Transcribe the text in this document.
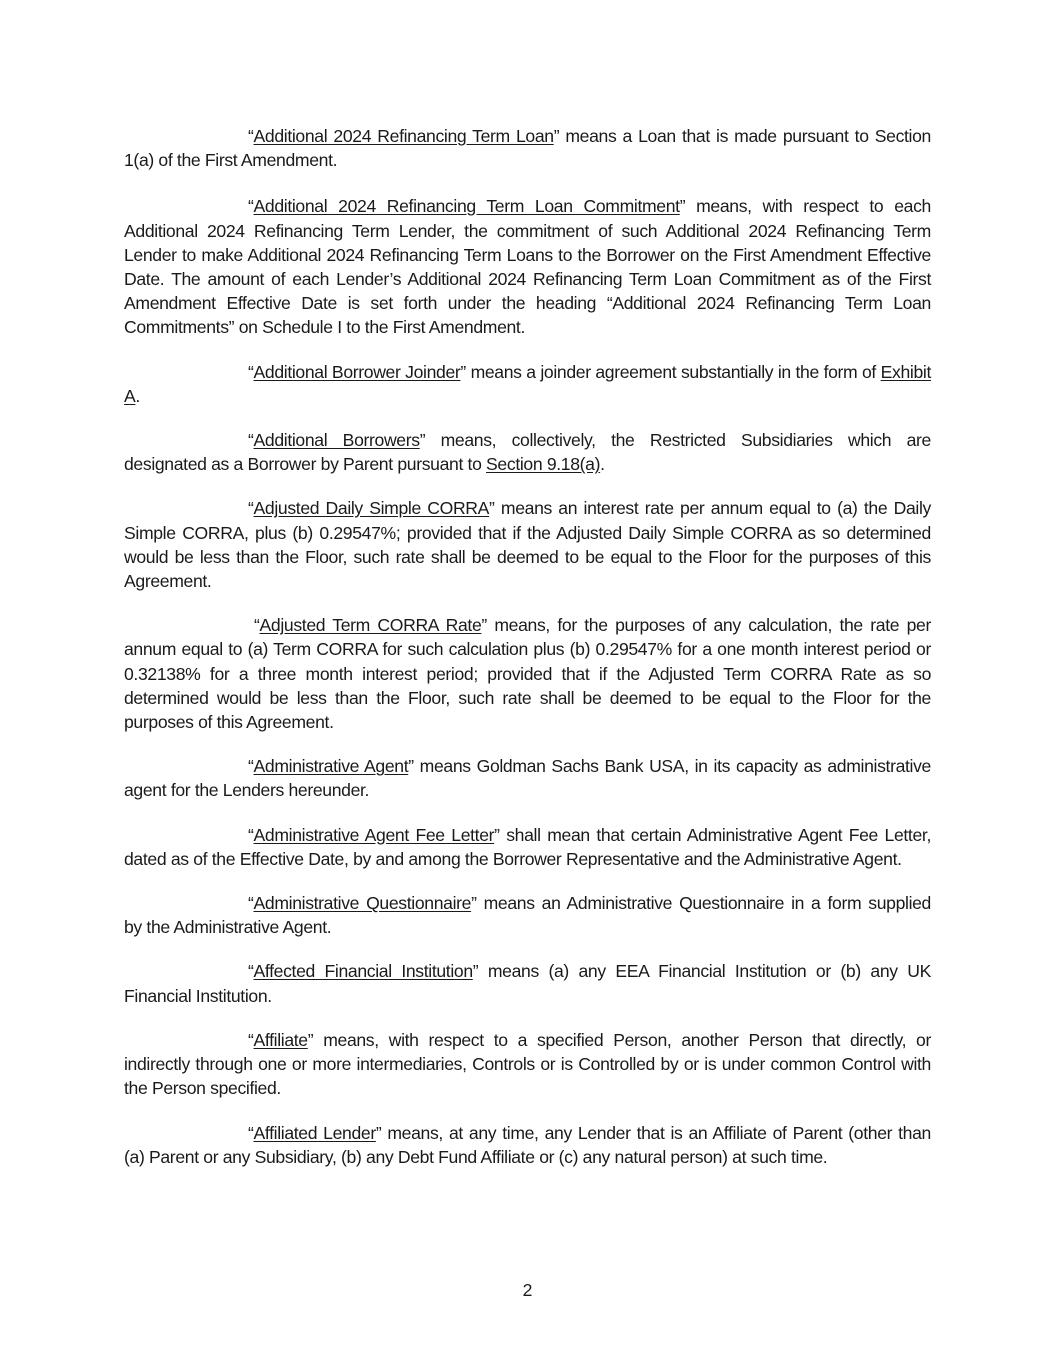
“Additional 2024 Refinancing Term Loan” means a Loan that is made pursuant to Section 1(a) of the First Amendment.

“Additional 2024 Refinancing Term Loan Commitment” means, with respect to each Additional 2024 Refinancing Term Lender, the commitment of such Additional 2024 Refinancing Term Lender to make Additional 2024 Refinancing Term Loans to the Borrower on the First Amendment Effective Date. The amount of each Lender’s Additional 2024 Refinancing Term Loan Commitment as of the First Amendment Effective Date is set forth under the heading “Additional 2024 Refinancing Term Loan Commitments” on Schedule I to the First Amendment.

“Additional Borrower Joinder” means a joinder agreement substantially in the form of Exhibit A.

“Additional Borrowers” means, collectively, the Restricted Subsidiaries which are designated as a Borrower by Parent pursuant to Section 9.18(a).

“Adjusted Daily Simple CORRA” means an interest rate per annum equal to (a) the Daily Simple CORRA, plus (b) 0.29547%; provided that if the Adjusted Daily Simple CORRA as so determined would be less than the Floor, such rate shall be deemed to be equal to the Floor for the purposes of this Agreement.

“Adjusted Term CORRA Rate” means, for the purposes of any calculation, the rate per annum equal to (a) Term CORRA for such calculation plus (b) 0.29547% for a one month interest period or 0.32138% for a three month interest period; provided that if the Adjusted Term CORRA Rate as so determined would be less than the Floor, such rate shall be deemed to be equal to the Floor for the purposes of this Agreement.

“Administrative Agent” means Goldman Sachs Bank USA, in its capacity as administrative agent for the Lenders hereunder.

“Administrative Agent Fee Letter” shall mean that certain Administrative Agent Fee Letter, dated as of the Effective Date, by and among the Borrower Representative and the Administrative Agent.

“Administrative Questionnaire” means an Administrative Questionnaire in a form supplied by the Administrative Agent.

“Affected Financial Institution” means (a) any EEA Financial Institution or (b) any UK Financial Institution.

“Affiliate” means, with respect to a specified Person, another Person that directly, or indirectly through one or more intermediaries, Controls or is Controlled by or is under common Control with the Person specified.

“Affiliated Lender” means, at any time, any Lender that is an Affiliate of Parent (other than (a) Parent or any Subsidiary, (b) any Debt Fund Affiliate or (c) any natural person) at such time.

2
